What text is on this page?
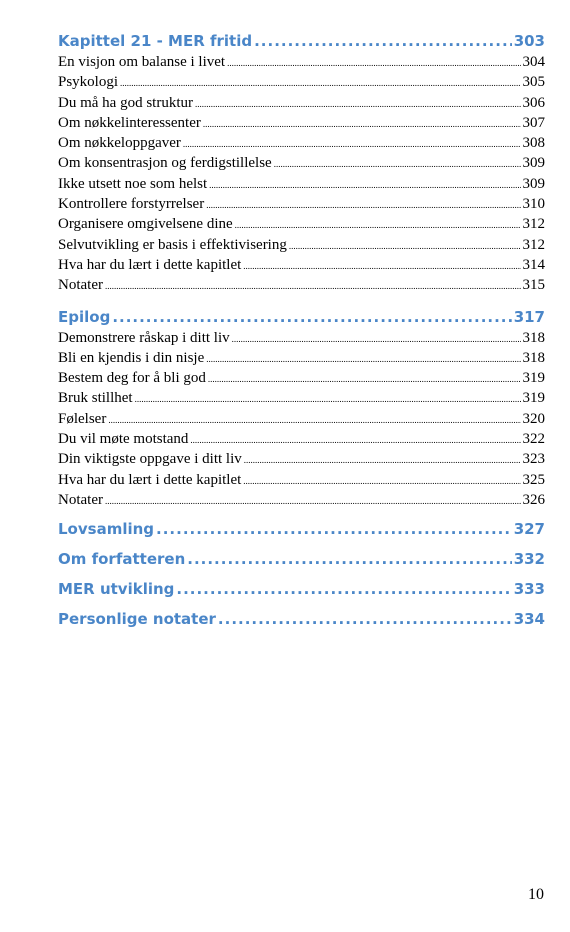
Kapittel 21 - MER fritid .....	303
En visjon om balanse i livet .....	304
Psykologi .....	305
Du må ha god struktur .....	306
Om nøkkelinteressenter .....	307
Om nøkkeloppgaver .....	308
Om konsentrasjon og ferdigstillelse .....	309
Ikke utsett noe som helst .....	309
Kontrollere forstyrrelser .....	310
Organisere omgivelsene dine .....	312
Selvutvikling er basis i effektivisering .....	312
Hva har du lært i dette kapitlet .....	314
Notater .....	315
Epilog .....	317
Demonstrere råskap i ditt liv .....	318
Bli en kjendis i din nisje .....	318
Bestem deg for å bli god .....	319
Bruk stillhet .....	319
Følelser .....	320
Du vil møte motstand .....	322
Din viktigste oppgave i ditt liv .....	323
Hva har du lært i dette kapitlet .....	325
Notater .....	326
Lovsamling .....	327
Om forfatteren .....	332
MER utvikling .....	333
Personlige notater .....	334
10
